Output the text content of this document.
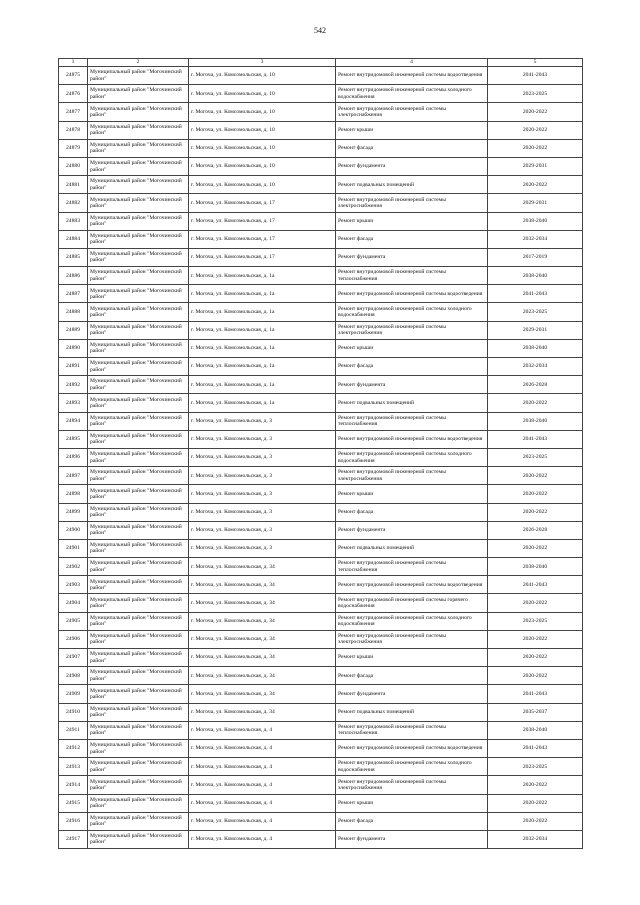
542
1	2	3	4	5
24875	Муниципальный район "Могочинский район"	г. Могоча, ул. Комсомольская, д. 10	Ремонт внутридомовой инженерной системы водоотведения	2041-2043
24876	Муниципальный район "Могочинский район"	г. Могоча, ул. Комсомольская, д. 10	Ремонт внутридомовой инженерной системы холодного водоснабжения	2023-2025
24877	Муниципальный район "Могочинский район"	г. Могоча, ул. Комсомольская, д. 10	Ремонт внутридомовой инженерной системы электроснабжения	2020-2022
24878	Муниципальный район "Могочинский район"	г. Могоча, ул. Комсомольская, д. 10	Ремонт крыши	2020-2022
24879	Муниципальный район "Могочинский район"	г. Могоча, ул. Комсомольская, д. 10	Ремонт фасада	2020-2022
24880	Муниципальный район "Могочинский район"	г. Могоча, ул. Комсомольская, д. 10	Ремонт фундамента	2029-2031
24881	Муниципальный район "Могочинский район"	г. Могоча, ул. Комсомольская, д. 10	Ремонт подвальных помещений	2020-2022
24882	Муниципальный район "Могочинский район"	г. Могоча, ул. Комсомольская, д. 17	Ремонт внутридомовой инженерной системы электроснабжения	2029-2031
24883	Муниципальный район "Могочинский район"	г. Могоча, ул. Комсомольская, д. 17	Ремонт крыши	2038-2040
24884	Муниципальный район "Могочинский район"	г. Могоча, ул. Комсомольская, д. 17	Ремонт фасада	2032-2034
24885	Муниципальный район "Могочинский район"	г. Могоча, ул. Комсомольская, д. 17	Ремонт фундамента	2017-2019
24886	Муниципальный район "Могочинский район"	г. Могоча, ул. Комсомольская, д. 1а	Ремонт внутридомовой инженерной системы теплоснабжения	2038-2040
24887	Муниципальный район "Могочинский район"	г. Могоча, ул. Комсомольская, д. 1а	Ремонт внутридомовой инженерной системы водоотведения	2041-2043
24888	Муниципальный район "Могочинский район"	г. Могоча, ул. Комсомольская, д. 1а	Ремонт внутридомовой инженерной системы холодного водоснабжения	2023-2025
24889	Муниципальный район "Могочинский район"	г. Могоча, ул. Комсомольская, д. 1а	Ремонт внутридомовой инженерной системы электроснабжения	2029-2031
24890	Муниципальный район "Могочинский район"	г. Могоча, ул. Комсомольская, д. 1а	Ремонт крыши	2038-2040
24891	Муниципальный район "Могочинский район"	г. Могоча, ул. Комсомольская, д. 1а	Ремонт фасада	2032-2034
24892	Муниципальный район "Могочинский район"	г. Могоча, ул. Комсомольская, д. 1а	Ремонт фундамента	2026-2028
24893	Муниципальный район "Могочинский район"	г. Могоча, ул. Комсомольская, д. 1а	Ремонт подвальных помещений	2020-2022
24894	Муниципальный район "Могочинский район"	г. Могоча, ул. Комсомольская, д. 3	Ремонт внутридомовой инженерной системы теплоснабжения	2038-2040
24895	Муниципальный район "Могочинский район"	г. Могоча, ул. Комсомольская, д. 3	Ремонт внутридомовой инженерной системы водоотведения	2041-2043
24896	Муниципальный район "Могочинский район"	г. Могоча, ул. Комсомольская, д. 3	Ремонт внутридомовой инженерной системы холодного водоснабжения	2023-2025
24897	Муниципальный район "Могочинский район"	г. Могоча, ул. Комсомольская, д. 3	Ремонт внутридомовой инженерной системы электроснабжения	2020-2022
24898	Муниципальный район "Могочинский район"	г. Могоча, ул. Комсомольская, д. 3	Ремонт крыши	2020-2022
24899	Муниципальный район "Могочинский район"	г. Могоча, ул. Комсомольская, д. 3	Ремонт фасада	2020-2022
24900	Муниципальный район "Могочинский район"	г. Могоча, ул. Комсомольская, д. 3	Ремонт фундамента	2026-2028
24901	Муниципальный район "Могочинский район"	г. Могоча, ул. Комсомольская, д. 3	Ремонт подвальных помещений	2020-2022
24902	Муниципальный район "Могочинский район"	г. Могоча, ул. Комсомольская, д. 34	Ремонт внутридомовой инженерной системы теплоснабжения	2038-2040
24903	Муниципальный район "Могочинский район"	г. Могоча, ул. Комсомольская, д. 34	Ремонт внутридомовой инженерной системы водоотведения	2041-2043
24904	Муниципальный район "Могочинский район"	г. Могоча, ул. Комсомольская, д. 34	Ремонт внутридомовой инженерной системы горячего водоснабжения	2020-2022
24905	Муниципальный район "Могочинский район"	г. Могоча, ул. Комсомольская, д. 34	Ремонт внутридомовой инженерной системы холодного водоснабжения	2023-2025
24906	Муниципальный район "Могочинский район"	г. Могоча, ул. Комсомольская, д. 34	Ремонт внутридомовой инженерной системы электроснабжения	2020-2022
24907	Муниципальный район "Могочинский район"	г. Могоча, ул. Комсомольская, д. 34	Ремонт крыши	2020-2022
24908	Муниципальный район "Могочинский район"	г. Могоча, ул. Комсомольская, д. 34	Ремонт фасада	2020-2022
24909	Муниципальный район "Могочинский район"	г. Могоча, ул. Комсомольская, д. 34	Ремонт фундамента	2041-2043
24910	Муниципальный район "Могочинский район"	г. Могоча, ул. Комсомольская, д. 34	Ремонт подвальных помещений	2035-2037
24911	Муниципальный район "Могочинский район"	г. Могоча, ул. Комсомольская, д. 4	Ремонт внутридомовой инженерной системы теплоснабжения	2038-2040
24912	Муниципальный район "Могочинский район"	г. Могоча, ул. Комсомольская, д. 4	Ремонт внутридомовой инженерной системы водоотведения	2041-2043
24913	Муниципальный район "Могочинский район"	г. Могоча, ул. Комсомольская, д. 4	Ремонт внутридомовой инженерной системы холодного водоснабжения	2023-2025
24914	Муниципальный район "Могочинский район"	г. Могоча, ул. Комсомольская, д. 4	Ремонт внутридомовой инженерной системы электроснабжения	2020-2022
24915	Муниципальный район "Могочинский район"	г. Могоча, ул. Комсомольская, д. 4	Ремонт крыши	2020-2022
24916	Муниципальный район "Могочинский район"	г. Могоча, ул. Комсомольская, д. 4	Ремонт фасада	2020-2022
24917	Муниципальный район "Могочинский район"	г. Могоча, ул. Комсомольская, д. 4	Ремонт фундамента	2032-2034
